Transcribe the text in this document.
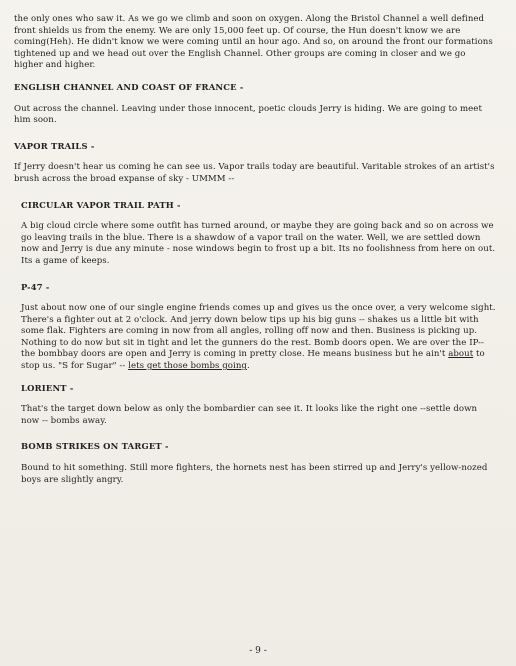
the only ones who saw it. As we go we climb and soon on oxygen. Along the Bristol Channel a well defined front shields us from the enemy. We are only 15,000 feet up. Of course, the Hun doesn't know we are coming(Heh). He didn't know we were coming until an hour ago. And so, on around the front our formations tightened up and we head out over the English Channel. Other groups are coming in closer and we go higher and higher.

ENGLISH CHANNEL AND COAST OF FRANCE -

Out across the channel. Leaving under those innocent, poetic clouds Jerry is hiding. We are going to meet him soon.

VAPOR TRAILS -

If Jerry doesn't hear us coming he can see us. Vapor trails today are beautiful. Varitable strokes of an artist's brush across the broad expanse of sky - UMMM --

CIRCULAR VAPOR TRAIL PATH -

A big cloud circle where some outfit has turned around, or maybe they are going back and so on across we go leaving trails in the blue. There is a shawdow of a vapor trail on the water. Well, we are settled down now and Jerry is due any minute - nose windows begin to frost up a bit. Its no foolishness from here on out. Its a game of keeps.

P-47 -

Just about now one of our single engine friends comes up and gives us the once over, a very welcome sight. There's a fighter out at 2 o'clock. And jerry down below tips up his big guns -- shakes us a little bit with some flak. Fighters are coming in now from all angles, rolling off now and then. Business is picking up. Nothing to do now but sit in tight and let the gunners do the rest. Bomb doors open. We are over the IP-- the bombbay doors are open and Jerry is coming in pretty close. He means business but he ain't about to stop us. "S for Sugar" -- lets get those bombs going.

LORIENT -

That's the target down below as only the bombardier can see it. It looks like the right one --settle down now -- bombs away.

BOMB STRIKES ON TARGET -

Bound to hit something. Still more fighters, the hornets nest has been stirred up and Jerry's yellow-nozed boys are slightly angry.

- 9 -
